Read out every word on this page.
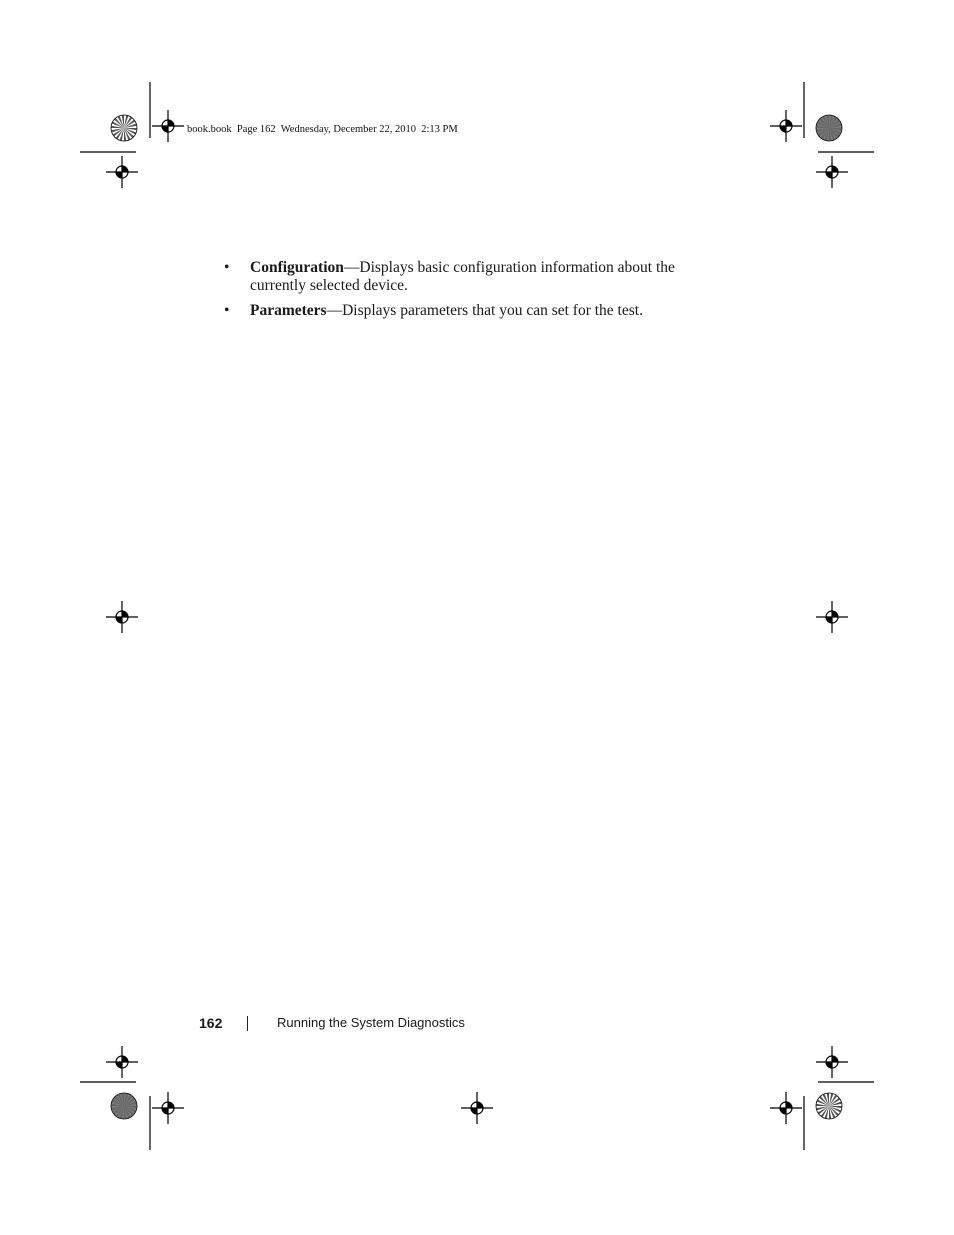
book.book  Page 162  Wednesday, December 22, 2010  2:13 PM
• Configuration—Displays basic configuration information about the currently selected device.
• Parameters—Displays parameters that you can set for the test.
162	Running the System Diagnostics
